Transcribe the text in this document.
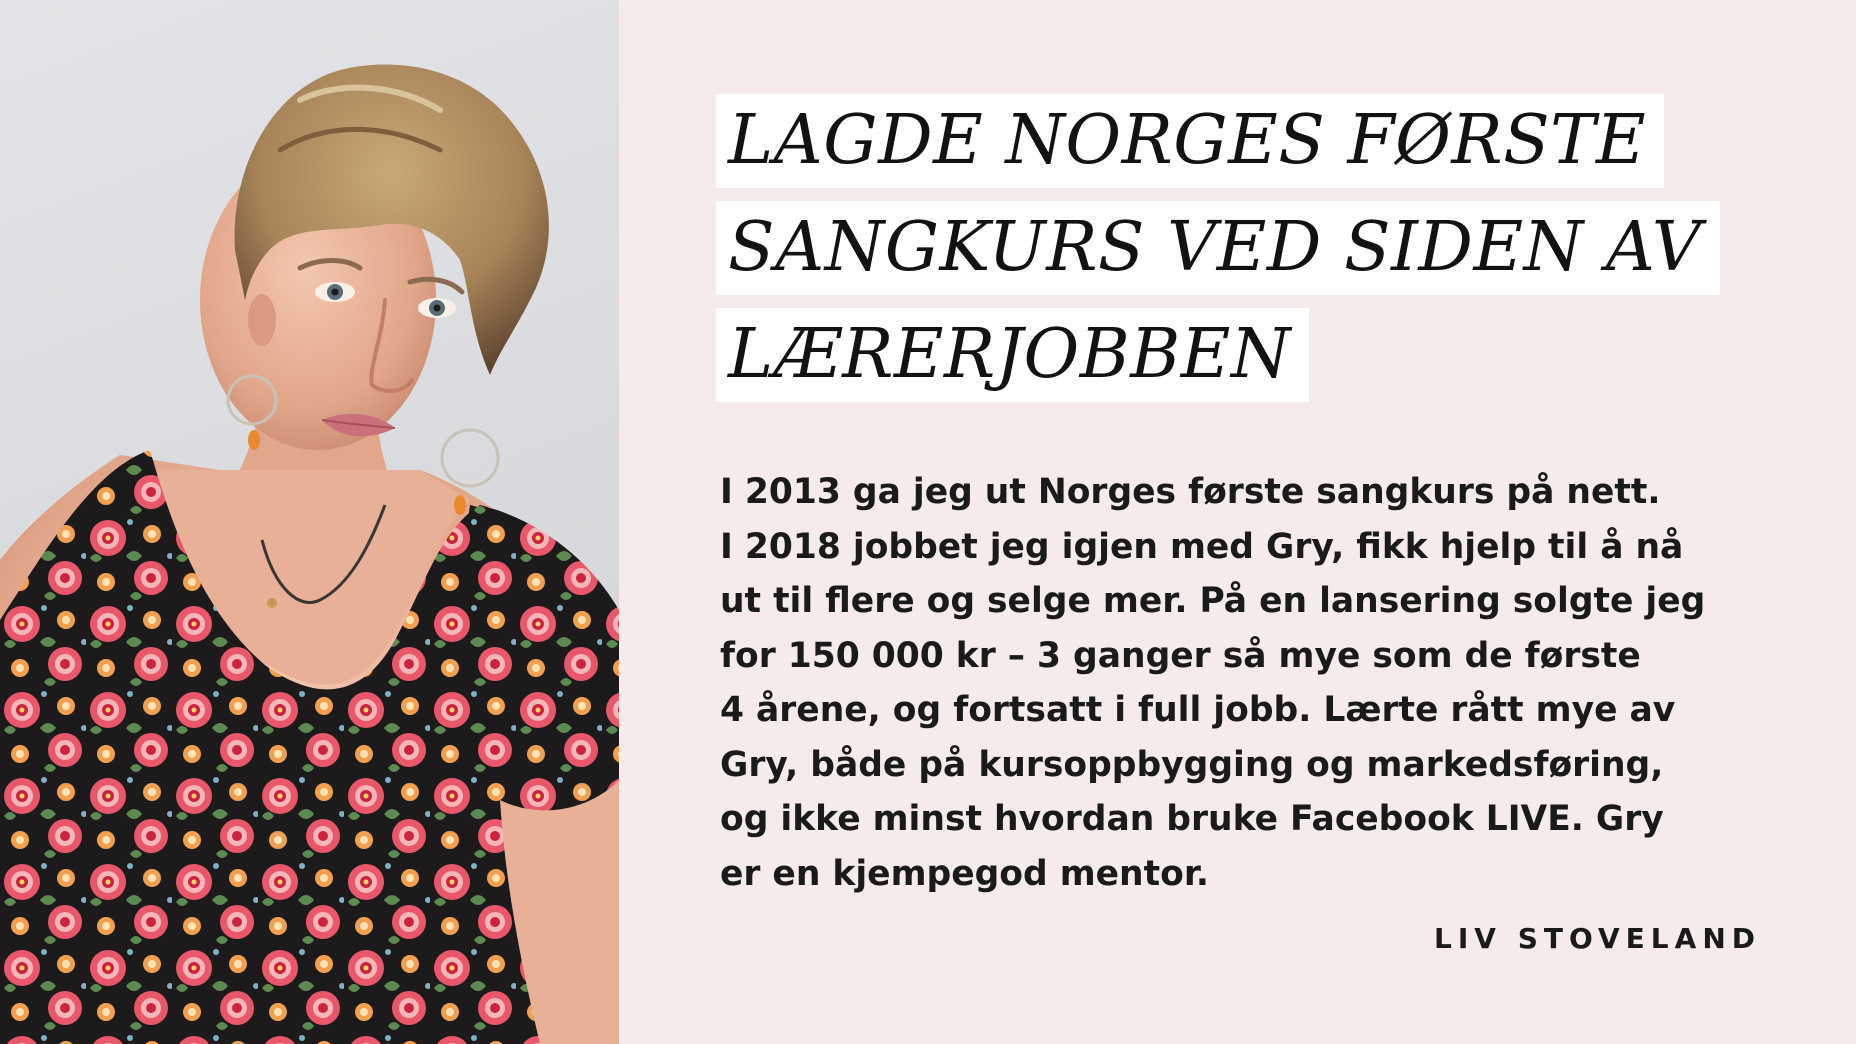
LAGDE NORGES FØRSTE
SANGKURS VED SIDEN AV
LÆRERJOBBEN
I 2013 ga jeg ut Norges første sangkurs på nett.
I 2018 jobbet jeg igjen med Gry, fikk hjelp til å nå
ut til flere og selge mer. På en lansering solgte jeg
for 150 000 kr – 3 ganger så mye som de første
4 årene, og fortsatt i full jobb. Lærte rått mye av
Gry, både på kursoppbygging og markedsføring,
og ikke minst hvordan bruke Facebook LIVE. Gry
er en kjempegod mentor.
LIV STOVELAND
